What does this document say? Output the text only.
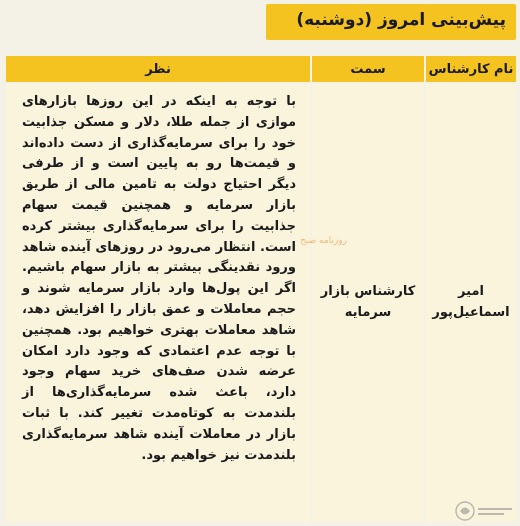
پیش‌بینی امروز (دوشنبه)
نام کارشناس
سمت
نظر
امیر
اسماعیل‌پور
کارشناس بازار
سرمایه
با توجه به اینکه در این روزها بازارهای موازی از جمله طلا، دلار و مسکن جذابیت خود را برای سرمایه‌گذاری از دست داده‌اند و قیمت‌ها رو به پایین است و از طرفی دیگر احتیاج دولت به تامین مالی از طریق بازار سرمایه و همچنین قیمت سهام جذابیت را برای سرمایه‌گذاری بیشتر کرده است. انتظار می‌رود در روزهای آینده شاهد ورود نقدینگی بیشتر به بازار سهام باشیم. اگر این پول‌ها وارد بازار سرمایه شوند و حجم معاملات و عمق بازار را افزایش دهد، شاهد معاملات بهتری خواهیم بود. همچنین با توجه عدم اعتمادی که وجود دارد امکان عرضه شدن صف‌های خرید سهام وجود دارد، باعث شده سرمایه‌گذاری‌ها از بلندمدت به کوتاه‌مدت تغییر کند. با ثبات بازار در معاملات آینده شاهد سرمایه‌گذاری بلندمدت نیز خواهیم بود.
روزنامه صبح
